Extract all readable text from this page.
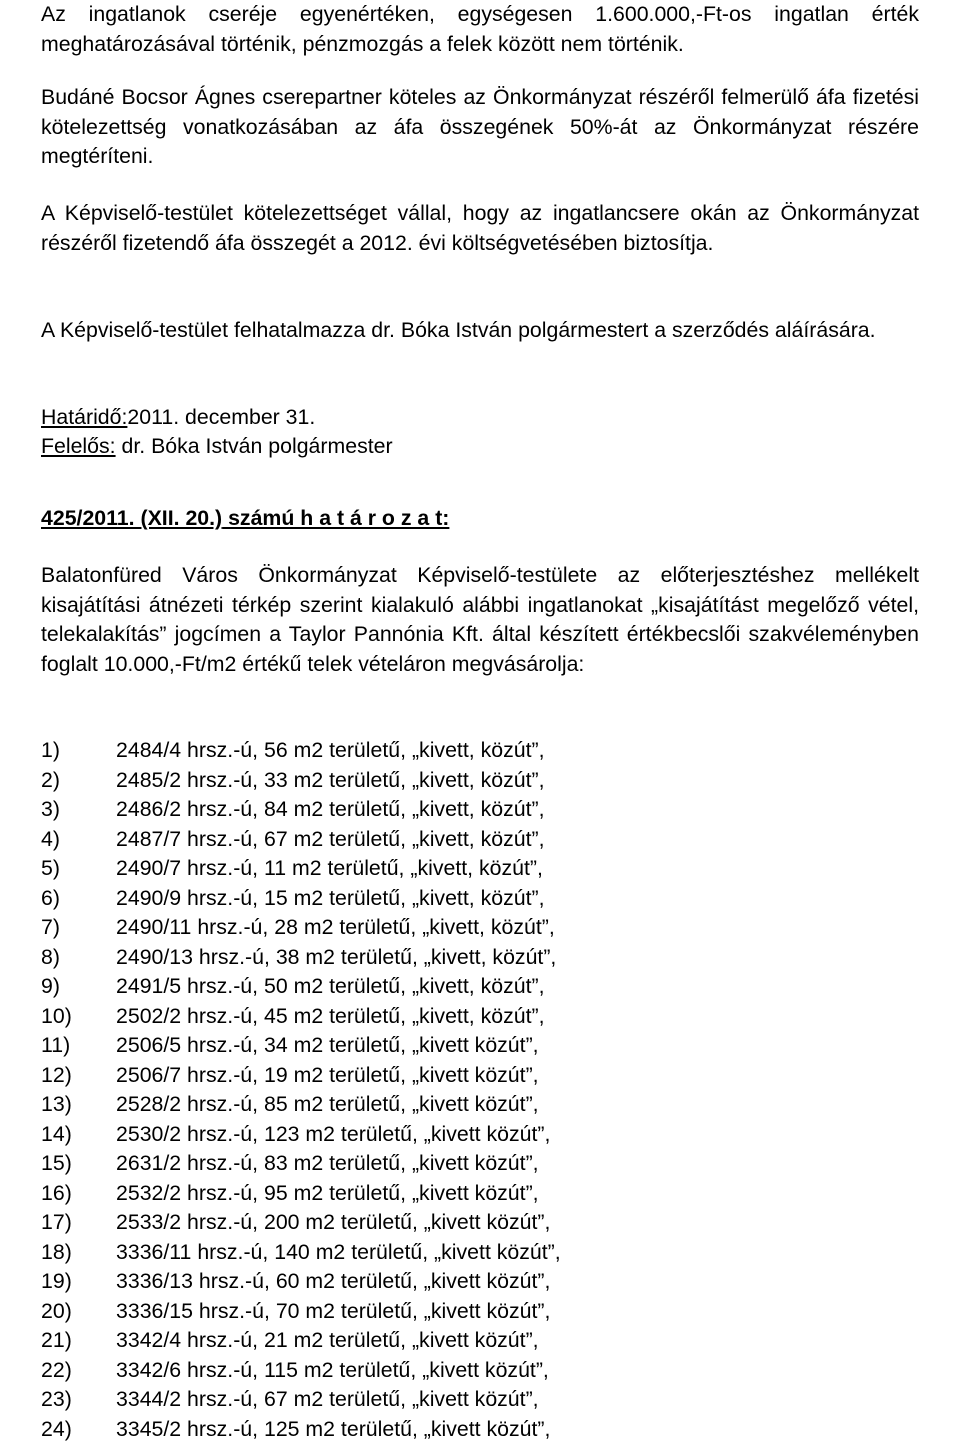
Az ingatlanok cseréje egyenértéken, egységesen 1.600.000,-Ft-os ingatlan érték meghatározásával történik, pénzmozgás a felek között nem történik.

Budáné Bocsor Ágnes cserepartner köteles az Önkormányzat részéről felmerülő áfa fizetési kötelezettség vonatkozásában az áfa összegének 50%-át az Önkormányzat részére megtéríteni.

A Képviselő-testület kötelezettséget vállal, hogy az ingatlancsere okán az Önkormányzat részéről fizetendő áfa összegét a 2012. évi költségvetésében biztosítja.

A Képviselő-testület felhatalmazza dr. Bóka István polgármestert a szerződés aláírására.

Határidő:2011. december 31.
Felelős: dr. Bóka István polgármester
425/2011. (XII. 20.) számú h a t á r o z a t:

Balatonfüred Város Önkormányzat Képviselő-testülete az előterjesztéshez mellékelt kisajátítási átnézeti térkép szerint kialakuló alábbi ingatlanokat „kisajátítást megelőző vétel, telekalakítás” jogcímen a Taylor Pannónia Kft. által készített értékbecslői szakvéleményben foglalt 10.000,-Ft/m2 értékű telek vételáron megvásárolja:

1)	2484/4 hrsz.-ú, 56 m2 területű, „kivett, közút”,
2)	2485/2 hrsz.-ú, 33 m2 területű, „kivett, közút”,
3)	2486/2 hrsz.-ú, 84 m2 területű, „kivett, közút”,
4)	2487/7 hrsz.-ú, 67 m2 területű, „kivett, közút”,
5)	2490/7 hrsz.-ú, 11 m2 területű, „kivett, közút”,
6)	2490/9 hrsz.-ú, 15 m2 területű, „kivett, közút”,
7)	2490/11 hrsz.-ú, 28 m2 területű, „kivett, közút”,
8)	2490/13 hrsz.-ú, 38 m2 területű, „kivett, közút”,
9)	2491/5 hrsz.-ú, 50 m2 területű, „kivett, közút”,
10) 2502/2 hrsz.-ú, 45 m2 területű, „kivett, közút”,
11) 2506/5 hrsz.-ú, 34 m2 területű, „kivett közút”,
12) 2506/7 hrsz.-ú, 19 m2 területű, „kivett közút”,
13) 2528/2 hrsz.-ú, 85 m2 területű, „kivett közút”,
14) 2530/2 hrsz.-ú, 123 m2 területű, „kivett közút”,
15) 2631/2 hrsz.-ú, 83 m2 területű, „kivett közút”,
16) 2532/2 hrsz.-ú, 95 m2 területű, „kivett közút”,
17) 2533/2 hrsz.-ú, 200 m2 területű, „kivett közút”,
18) 3336/11 hrsz.-ú, 140 m2 területű, „kivett közút”,
19) 3336/13 hrsz.-ú, 60 m2 területű, „kivett közút”,
20) 3336/15 hrsz.-ú, 70 m2 területű, „kivett közút”,
21) 3342/4 hrsz.-ú, 21 m2 területű, „kivett közút”,
22) 3342/6 hrsz.-ú, 115 m2 területű, „kivett közút”,
23) 3344/2 hrsz.-ú, 67 m2 területű, „kivett közút”,
24) 3345/2 hrsz.-ú, 125 m2 területű, „kivett közút”,
